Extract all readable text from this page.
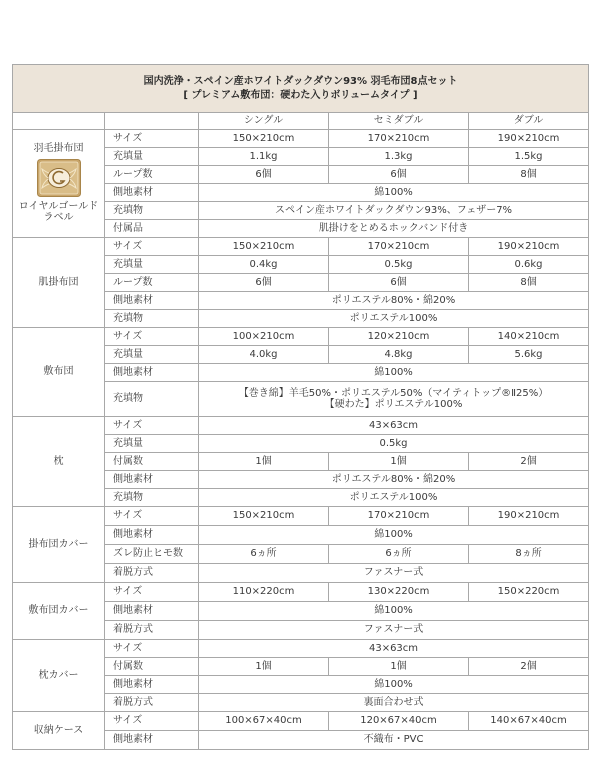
国内洗浄・スペイン産ホワイトダックダウン93% 羽毛布団8点セット
[ プレミアム敷布団：硬わた入りボリュームタイプ ]				

		シングル	セミダブル	ダブル

羽毛掛布団
ロイヤルゴールド
ラベル	サイズ	150×210cm	170×210cm	190×210cm
	充填量	1.1kg	1.3kg	1.5kg
	ループ数	6個	6個	8個
	側地素材	綿100%		
	充填物	スペイン産ホワイトダックダウン93%、フェザー7%		
	付属品	肌掛けをとめるホックバンド付き		

肌掛布団	サイズ	150×210cm	170×210cm	190×210cm
	充填量	0.4kg	0.5kg	0.6kg
	ループ数	6個	6個	8個
	側地素材	ポリエステル80%・綿20%		
	充填物	ポリエステル100%		

敷布団	サイズ	100×210cm	120×210cm	140×210cm
	充填量	4.0kg	4.8kg	5.6kg
	側地素材	綿100%		
	充填物	【巻き綿】羊毛50%・ポリエステル50%（マイティトップ®Ⅱ25%）
【硬わた】ポリエステル100%		

枕	サイズ	43×63cm		
	充填量	0.5kg		
	付属数	1個	1個	2個
	側地素材	ポリエステル80%・綿20%		
	充填物	ポリエステル100%		

掛布団カバー	サイズ	150×210cm	170×210cm	190×210cm
	側地素材	綿100%		
	ズレ防止ヒモ数	6ヵ所	6ヵ所	8ヵ所
	着脱方式	ファスナー式		

敷布団カバー	サイズ	110×220cm	130×220cm	150×220cm
	側地素材	綿100%		
	着脱方式	ファスナー式		

枕カバー	サイズ	43×63cm		
	付属数	1個	1個	2個
	側地素材	綿100%		
	着脱方式	裏面合わせ式		

収納ケース	サイズ	100×67×40cm	120×67×40cm	140×67×40cm
	側地素材	不織布・PVC		
